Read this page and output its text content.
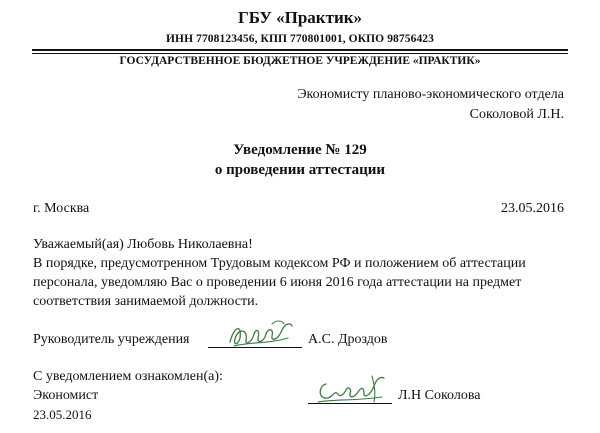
ГБУ «Практик»
ИНН 7708123456, КПП 770801001, ОКПО 98756423
ГОСУДАРСТВЕННОЕ БЮДЖЕТНОЕ УЧРЕЖДЕНИЕ «ПРАКТИК»
Экономисту планово-экономического отдела
Соколовой Л.Н.
Уведомление № 129
о проведении аттестации
г. Москва	23.05.2016
Уважаемый(ая) Любовь Николаевна!
В порядке, предусмотренном Трудовым кодексом РФ и положением об аттестации
персонала, уведомляю Вас о проведении 6 июня 2016 года аттестации на предмет
соответствия занимаемой должности.
Руководитель учреждения	А.С. Дроздов
С уведомлением ознакомлен(а):
Экономист	Л.Н Соколова
23.05.2016
